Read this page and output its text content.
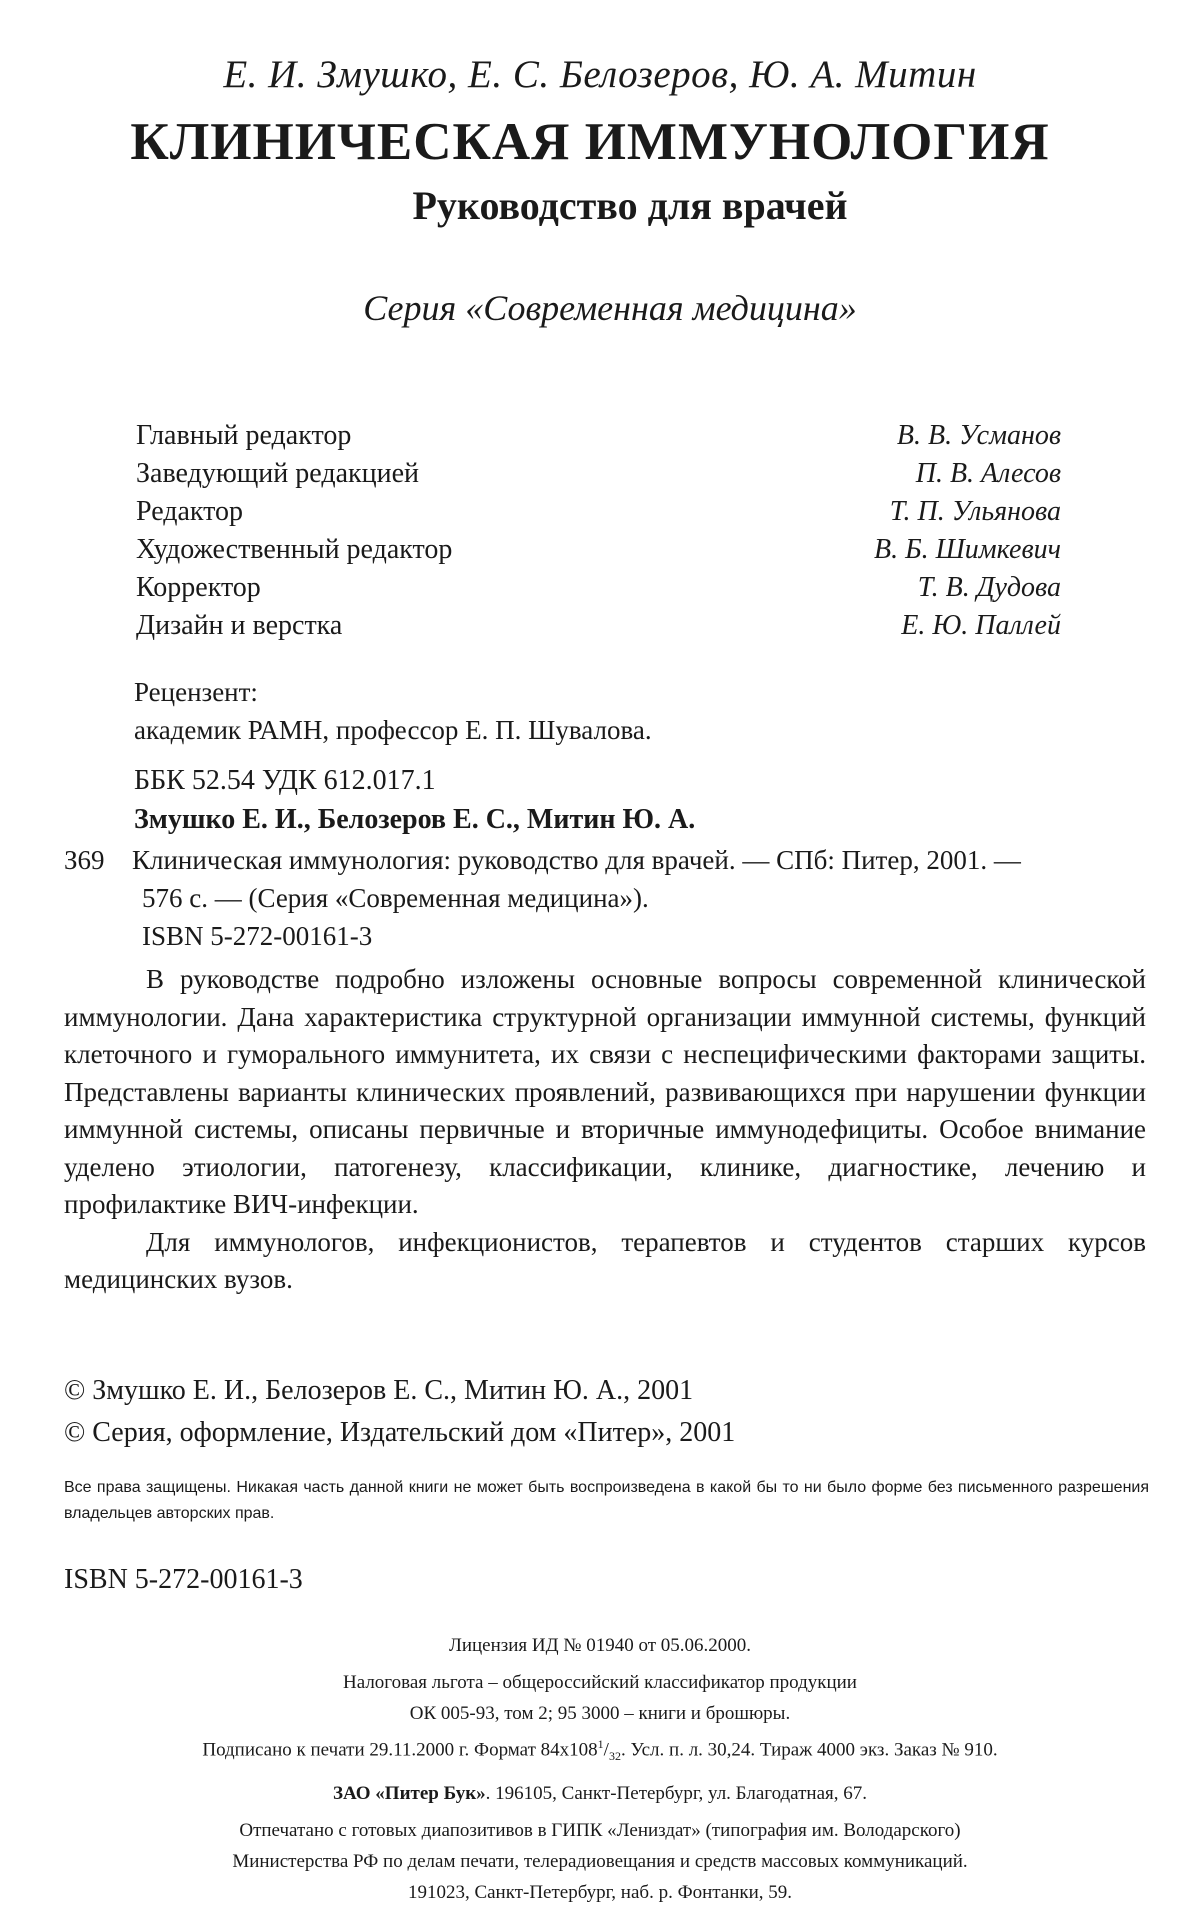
Е. И. Змушко, Е. С. Белозеров, Ю. А. Митин
КЛИНИЧЕСКАЯ ИММУНОЛОГИЯ
Руководство для врачей
Серия «Современная медицина»
Главный редактор	В. В. Усманов
Заведующий редакцией	П. В. Алесов
Редактор	Т. П. Ульянова
Художественный редактор	В. Б. Шимкевич
Корректор	Т. В. Дудова
Дизайн и верстка	Е. Ю. Паллей
Рецензент:
академик РАМН, профессор Е. П. Шувалова.
ББК 52.54 УДК 612.017.1
Змушко Е. И., Белозеров Е. С., Митин Ю. А.
З69 Клиническая иммунология: руководство для врачей. — СПб: Питер, 2001. —
576 с. — (Серия «Современная медицина»).
ISBN 5-272-00161-3

В руководстве подробно изложены основные вопросы современной клинической иммунологии. Дана характеристика структурной организации иммунной системы, функций клеточного и гуморального иммунитета, их связи с неспецифическими факторами защиты. Представлены варианты клинических проявлений, развивающихся при нарушении функции иммунной системы, описаны первичные и вторичные иммунодефициты. Особое внимание уделено этиологии, патогенезу, классификации, клинике, диагностике, лечению и профилактике ВИЧ-инфекции.

Для иммунологов, инфекционистов, терапевтов и студентов старших курсов медицинских вузов.

© Змушко Е. И., Белозеров Е. С., Митин Ю. А., 2001
© Серия, оформление, Издательский дом «Питер», 2001
Все права защищены. Никакая часть данной книги не может быть воспроизведена в какой бы то ни было форме без письменного разрешения владельцев авторских прав.
ISBN 5-272-00161-3
Лицензия ИД № 01940 от 05.06.2000.
Налоговая льгота – общероссийский классификатор продукции
ОК 005-93, том 2; 95 3000 – книги и брошюры.
Подписано к печати 29.11.2000 г. Формат $84х108^1/_{32}$. Усл. п. л. 30,24. Тираж 4000 экз. Заказ № 910.
ЗАО «Питер Бук». 196105, Санкт-Петербург, ул. Благодатная, 67.
Отпечатано с готовых диапозитивов в ГИПК «Лениздат» (типография им. Володарского)
Министерства РФ по делам печати, телерадиовещания и средств массовых коммуникаций.
191023, Санкт-Петербург, наб. р. Фонтанки, 59.
